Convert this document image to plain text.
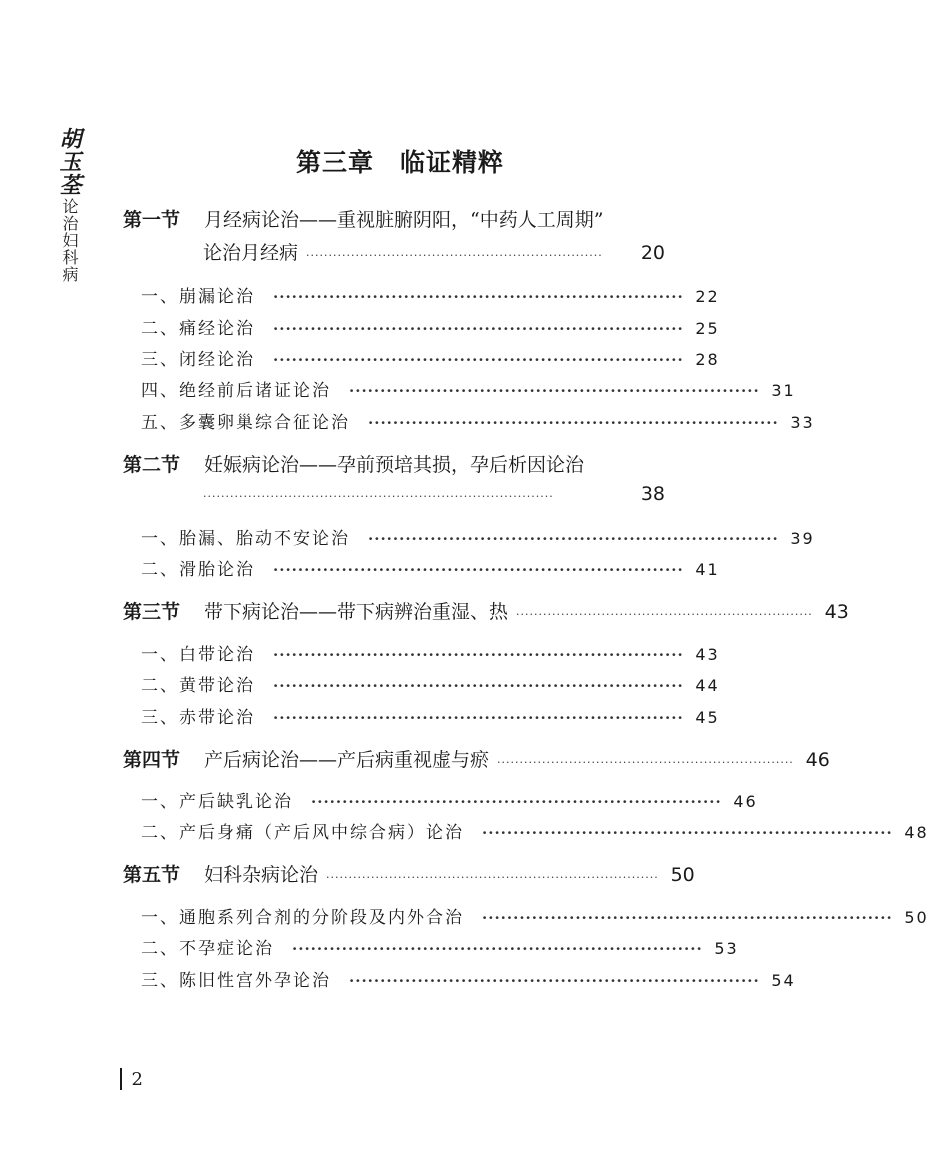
胡玉荃
论治妇科病
第三章　临证精粹
第一节 月经病论治——重视脏腑阴阳，“中药人工周期”
论治月经病 ··································································	20
一、崩漏论治 ·································································· 22
二、痛经论治 ·································································· 25
三、闭经论治 ·································································· 28
四、绝经前后诸证论治 ·································································· 31
五、多囊卵巢综合征论治 ·································································· 33
第二节 妊娠病论治——孕前预培其损，孕后析因论治
··············································································	38
一、胎漏、胎动不安论治 ·································································· 39
二、滑胎论治 ·································································· 41
第三节 带下病论治——带下病辨治重湿、热 ·································································· 43
一、白带论治 ·································································· 43
二、黄带论治 ·································································· 44
三、赤带论治 ·································································· 45
第四节 产后病论治——产后病重视虚与瘀 ·································································· 46
一、产后缺乳论治 ·································································· 46
二、产后身痛（产后风中综合病）论治 ·································································· 48
第五节 妇科杂病论治 ·········································································· 50
一、通胞系列合剂的分阶段及内外合治 ·································································· 50
二、不孕症论治 ·································································· 53
三、陈旧性宫外孕论治 ·································································· 54
2
